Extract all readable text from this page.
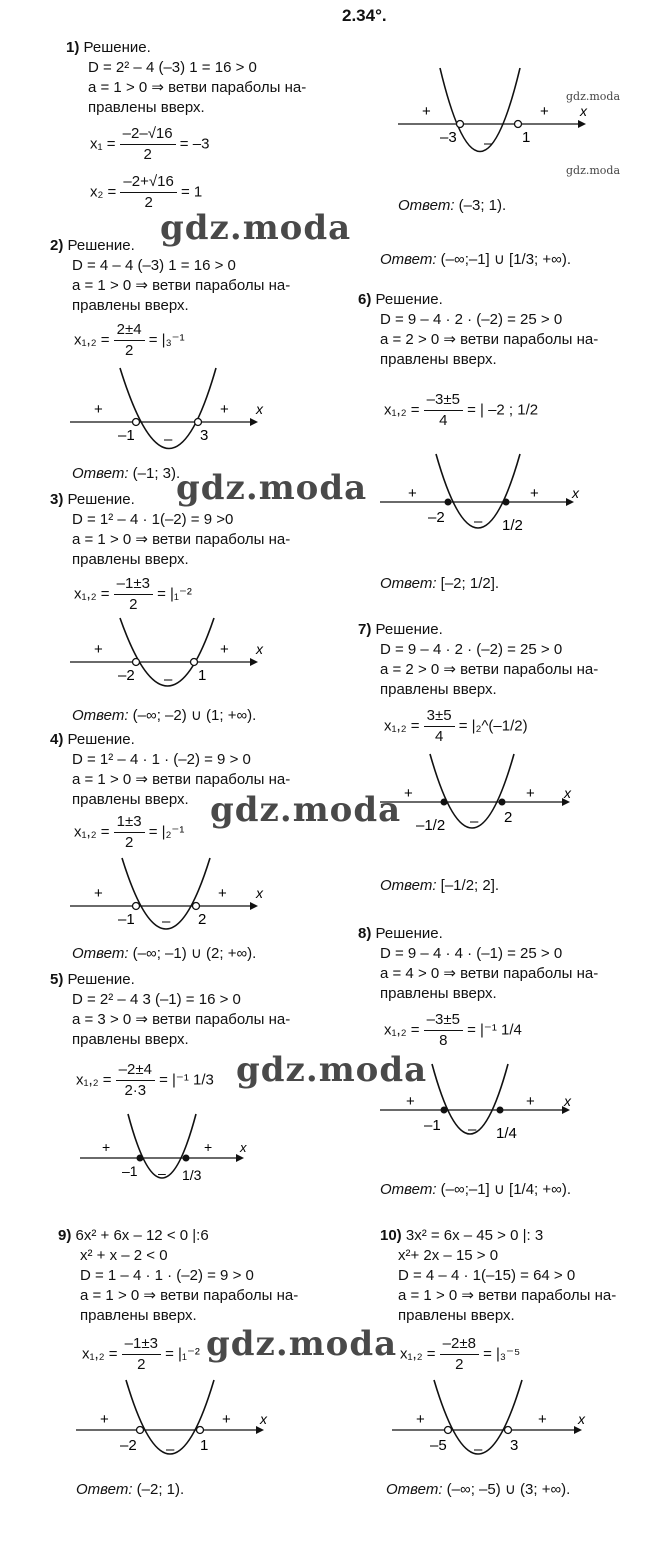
2.34°.
1) Решение.
D = 2² – 4 (–3) 1 = 16 > 0
a = 1 > 0 ⇒ ветви параболы на-
правлены вверх.
$x_1 = \frac{-2-√16}{2} = -3$
$x_2 = \frac{-2+√16}{2} = 1$
+	+
–
x
–3	1
gdz.moda
gdz.moda
Ответ: (–3; 1).
gdz.moda
2) Решение.
D = 4 – 4 (–3) 1 = 16 > 0
a = 1 > 0 ⇒ ветви параболы на-
правлены вверх.
$x_1,_2 = \frac{2\pm 4}{2} = |_3^{-1}$
+	+
–
x
–1	3
Ответ: (–1; 3).
gdz.moda
3) Решение.
D = 1² – 4 · 1(–2) = 9 >0
a = 1 > 0 ⇒ ветви параболы на-
правлены вверх.
$x_1,_2 = \frac{-1\pm 3}{2} = |_1^{-2}$
+	+
–
x
–2	1
Ответ: (–∞; –2) ∪ (1; +∞).
4) Решение.
D = 1² – 4 · 1 · (–2) = 9 > 0
a = 1 > 0 ⇒ ветви параболы на-
правлены вверх.
$x_1,_2 = \frac{1\pm 3}{2} = |_2^{-1}$
+	+
–
x
–1	2
Ответ: (–∞; –1) ∪ (2; +∞).
gdz.moda
5) Решение.
D = 2² – 4 3 (–1) = 16 > 0
a = 3 > 0 ⇒ ветви параболы на-
правлены вверх.
$x_1,_2 = \frac{-2\pm 4}{2\cdot 3} = |^{-1}$ 1/3
+	+
–
x
–1	1/3
6) Решение.
D = 9 – 4 · 2 · (–2) = 25 > 0
a = 2 > 0 ⇒ ветви параболы на-
правлены вверх.
$x_1,_2 = \frac{-3\pm 5}{4}$ = | –2 ; 1/2
+	+
–
x
–2	1/2
Ответ: [–2; 1/2].
Ответ: (–∞;–1] ∪ [1/3; +∞).
7) Решение.
D = 9 – 4 · 2 · (–2) = 25 > 0
a = 2 > 0 ⇒ ветви параболы на-
правлены вверх.
$x_1,_2 = \frac{3\pm 5}{4}$ = |₂^(–1/2)
+	+
–
x
–1/2	2
Ответ: [–1/2; 2].
8) Решение.
D = 9 – 4 · 4 · (–1) = 25 > 0
a = 4 > 0 ⇒ ветви параболы на-
правлены вверх.
$x_1,_2 = \frac{-3\pm 5}{8} = |^{-1}$ 1/4
+	+
–
x
–1	1/4
Ответ: (–∞;–1] ∪ [1/4; +∞).
gdz.moda
9) 6x² + 6x – 12 < 0 |:6
x² + x – 2 < 0
D = 1 – 4 · 1 · (–2) = 9 > 0
a = 1 > 0 ⇒ ветви параболы на-
правлены вверх.
$x_1,_2 = \frac{-1\pm 3}{2} = |_1^{-2}$
+	+
–
x
–2	1
Ответ: (–2; 1).
gdz.moda
10) 3x² = 6x – 45 > 0 |: 3
x²+ 2x – 15 > 0
D = 4 – 4 · 1(–15) = 64 > 0
a = 1 > 0 ⇒ ветви параболы на-
правлены вверх.
$x_1,_2 = \frac{-2\pm 8}{2} = |_3^{-5}$
+	+
–
x
–5	3
Ответ: (–∞; –5) ∪ (3; +∞).
